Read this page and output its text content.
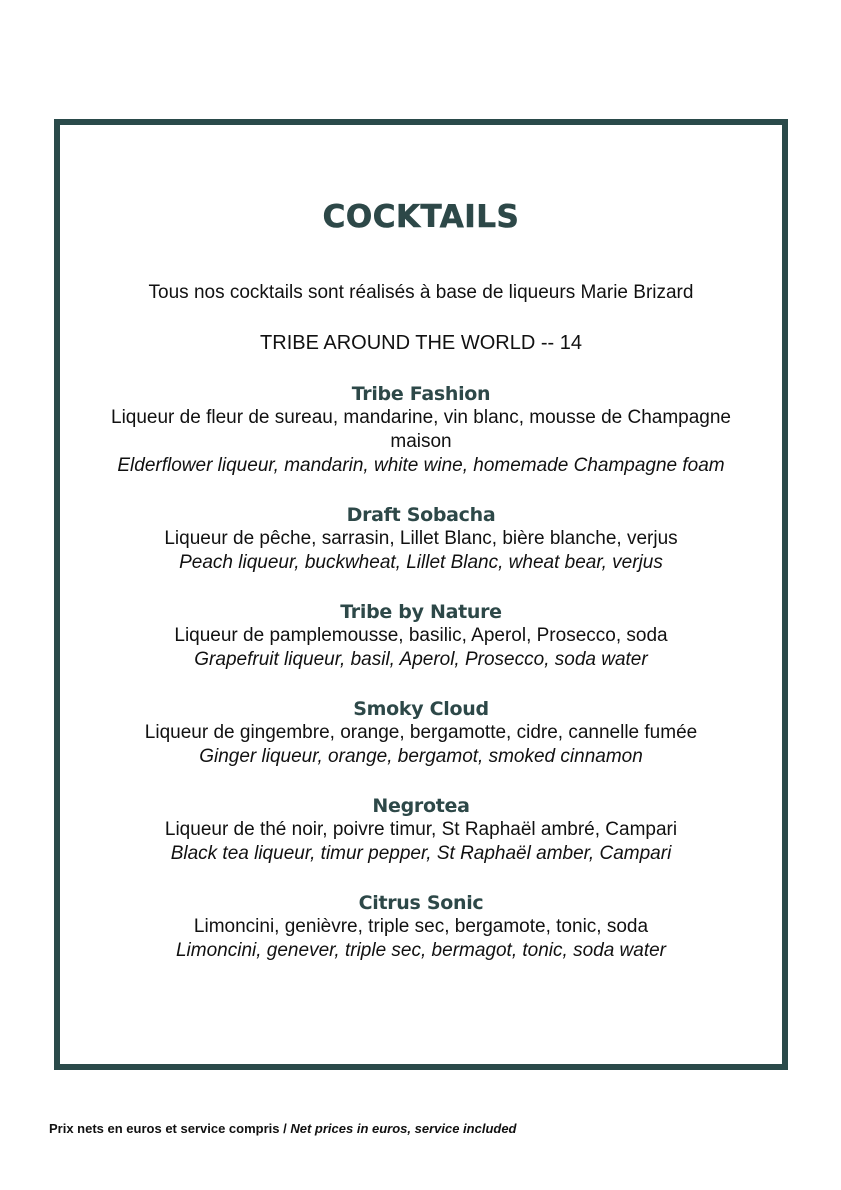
COCKTAILS
Tous nos cocktails sont réalisés à base de liqueurs Marie Brizard
TRIBE AROUND THE WORLD -- 14
Tribe Fashion
Liqueur de fleur de sureau, mandarine, vin blanc, mousse de Champagne maison
Elderflower liqueur, mandarin, white wine, homemade Champagne foam
Draft Sobacha
Liqueur de pêche, sarrasin, Lillet Blanc, bière blanche, verjus
Peach liqueur, buckwheat, Lillet Blanc, wheat bear, verjus
Tribe by Nature
Liqueur de pamplemousse, basilic, Aperol, Prosecco, soda
Grapefruit liqueur, basil, Aperol, Prosecco, soda water
Smoky Cloud
Liqueur de gingembre, orange, bergamotte, cidre, cannelle fumée
Ginger liqueur, orange, bergamot, smoked cinnamon
Negrotea
Liqueur de thé noir, poivre timur, St Raphaël ambré, Campari
Black tea liqueur, timur pepper, St Raphaël amber, Campari
Citrus Sonic
Limoncini, genièvre, triple sec, bergamote, tonic, soda
Limoncini, genever, triple sec, bermagot, tonic, soda water
Prix nets en euros et service compris / Net prices in euros, service included
